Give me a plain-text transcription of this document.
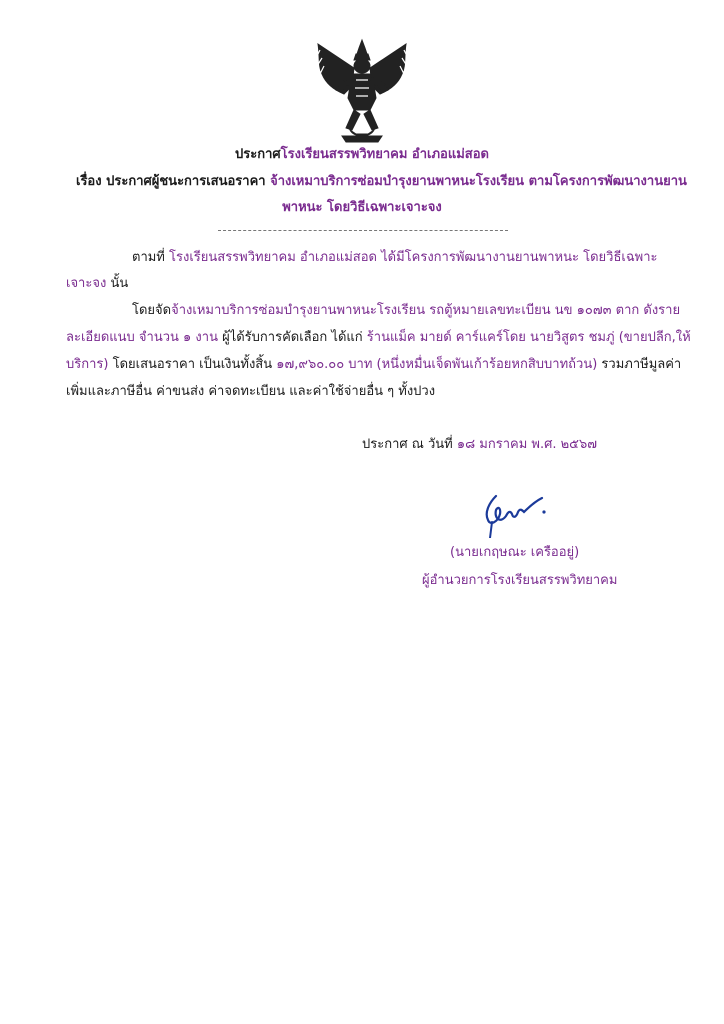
ประกาศโรงเรียนสรรพวิทยาคม อำเภอแม่สอด
เรื่อง ประกาศผู้ชนะการเสนอราคา จ้างเหมาบริการซ่อมบำรุงยานพาหนะโรงเรียน ตามโครงการพัฒนางานยาน
พาหนะ โดยวิธีเฉพาะเจาะจง
ตามที่ โรงเรียนสรรพวิทยาคม อำเภอแม่สอด ได้มีโครงการพัฒนางานยานพาหนะ โดยวิธีเฉพาะ
เจาะจง นั้น
โดยจัดจ้างเหมาบริการซ่อมบำรุงยานพาหนะโรงเรียน รถตู้หมายเลขทะเบียน นข ๑๐๗๓ ตาก ดังราย
ละเอียดแนบ จำนวน ๑ งาน ผู้ได้รับการคัดเลือก ได้แก่ ร้านแม็ค มายด์ คาร์แคร์โดย นายวิสูตร ชมภู่ (ขายปลีก,ให้
บริการ) โดยเสนอราคา เป็นเงินทั้งสิ้น ๑๗,๙๖๐.๐๐ บาท (หนึ่งหมื่นเจ็ดพันเก้าร้อยหกสิบบาทถ้วน) รวมภาษีมูลค่า
เพิ่มและภาษีอื่น ค่าขนส่ง ค่าจดทะเบียน และค่าใช้จ่ายอื่น ๆ ทั้งปวง
ประกาศ ณ วันที่ ๑๘ มกราคม พ.ศ. ๒๕๖๗
(นายเกฤษณะ เครืออยู่)
ผู้อำนวยการโรงเรียนสรรพวิทยาคม
